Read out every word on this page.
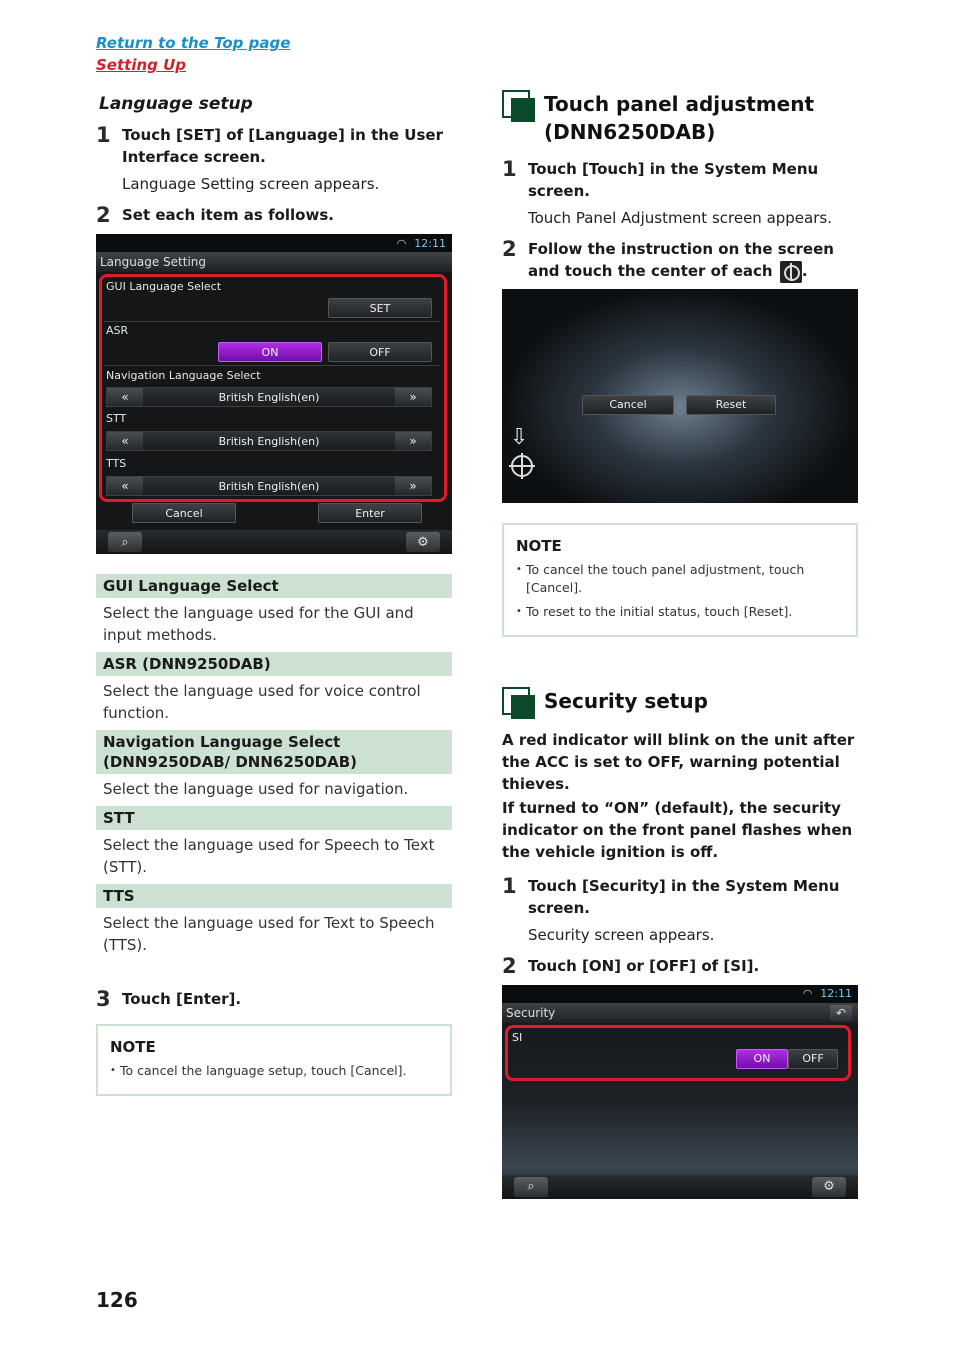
Return to the Top page
Setting Up
Language setup
1 Touch [SET] of [Language] in the User Interface screen.
Language Setting screen appears.
2 Set each item as follows.
◠ 12:11
Language Setting
GUI Language Select
SET
ASR
ON	OFF
Navigation Language Select
«	British English(en)	»
STT
«	British English(en)	»
TTS
«	British English(en)	»
Cancel	Enter
⌕	⚙
GUI Language Select
Select the language used for the GUI and input methods.
ASR (DNN9250DAB)
Select the language used for voice control function.
Navigation Language Select (DNN9250DAB/ DNN6250DAB)
Select the language used for navigation.
STT
Select the language used for Speech to Text (STT).
TTS
Select the language used for Text to Speech (TTS).
3 Touch [Enter].
NOTE
• To cancel the language setup, touch [Cancel].
Touch panel adjustment (DNN6250DAB)
1 Touch [Touch] in the System Menu screen.
Touch Panel Adjustment screen appears.
2 Follow the instruction on the screen and touch the center of each .
Cancel	Reset
⇩
NOTE
• To cancel the touch panel adjustment, touch [Cancel].
• To reset to the initial status, touch [Reset].
Security setup
A red indicator will blink on the unit after the ACC is set to OFF, warning potential thieves.
If turned to “ON” (default), the security indicator on the front panel flashes when the vehicle ignition is off.
1 Touch [Security] in the System Menu screen.
Security screen appears.
2 Touch [ON] or [OFF] of [SI].
◠ 12:11
Security	↶
SI
ON	OFF
⌕	⚙
126
